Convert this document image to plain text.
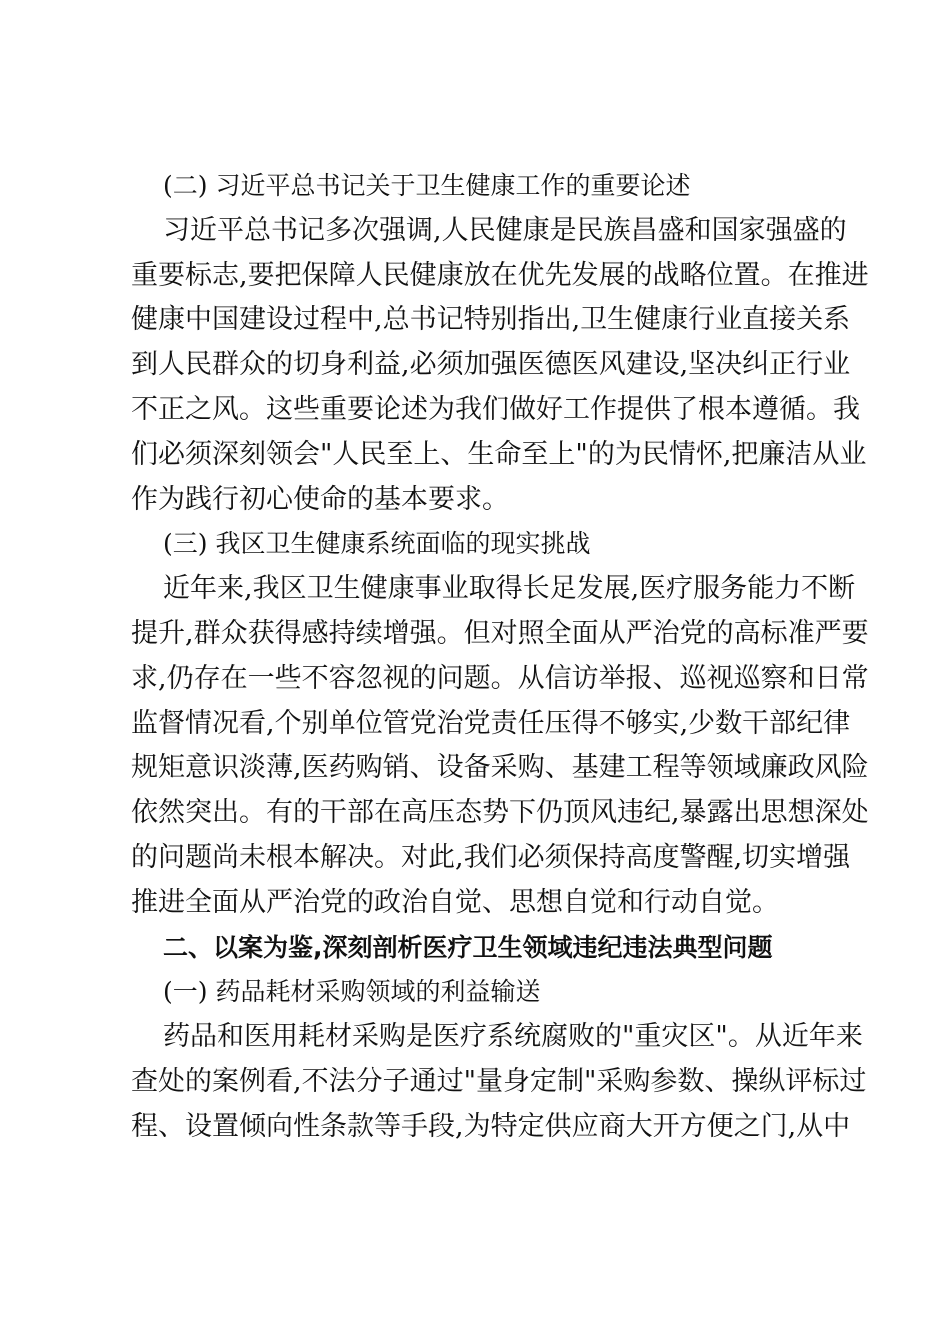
(二) 习近平总书记关于卫生健康工作的重要论述
习近平总书记多次强调,人民健康是民族昌盛和国家强盛的
重要标志,要把保障人民健康放在优先发展的战略位置。在推进
健康中国建设过程中,总书记特别指出,卫生健康行业直接关系
到人民群众的切身利益,必须加强医德医风建设,坚决纠正行业
不正之风。这些重要论述为我们做好工作提供了根本遵循。我
们必须深刻领会"人民至上、生命至上"的为民情怀,把廉洁从业
作为践行初心使命的基本要求。
(三) 我区卫生健康系统面临的现实挑战
近年来,我区卫生健康事业取得长足发展,医疗服务能力不断
提升,群众获得感持续增强。但对照全面从严治党的高标准严要
求,仍存在一些不容忽视的问题。从信访举报、巡视巡察和日常
监督情况看,个别单位管党治党责任压得不够实,少数干部纪律
规矩意识淡薄,医药购销、设备采购、基建工程等领域廉政风险
依然突出。有的干部在高压态势下仍顶风违纪,暴露出思想深处
的问题尚未根本解决。对此,我们必须保持高度警醒,切实增强
推进全面从严治党的政治自觉、思想自觉和行动自觉。
二、以案为鉴,深刻剖析医疗卫生领域违纪违法典型问题
(一) 药品耗材采购领域的利益输送
药品和医用耗材采购是医疗系统腐败的"重灾区"。从近年来
查处的案例看,不法分子通过"量身定制"采购参数、操纵评标过
程、设置倾向性条款等手段,为特定供应商大开方便之门,从中
